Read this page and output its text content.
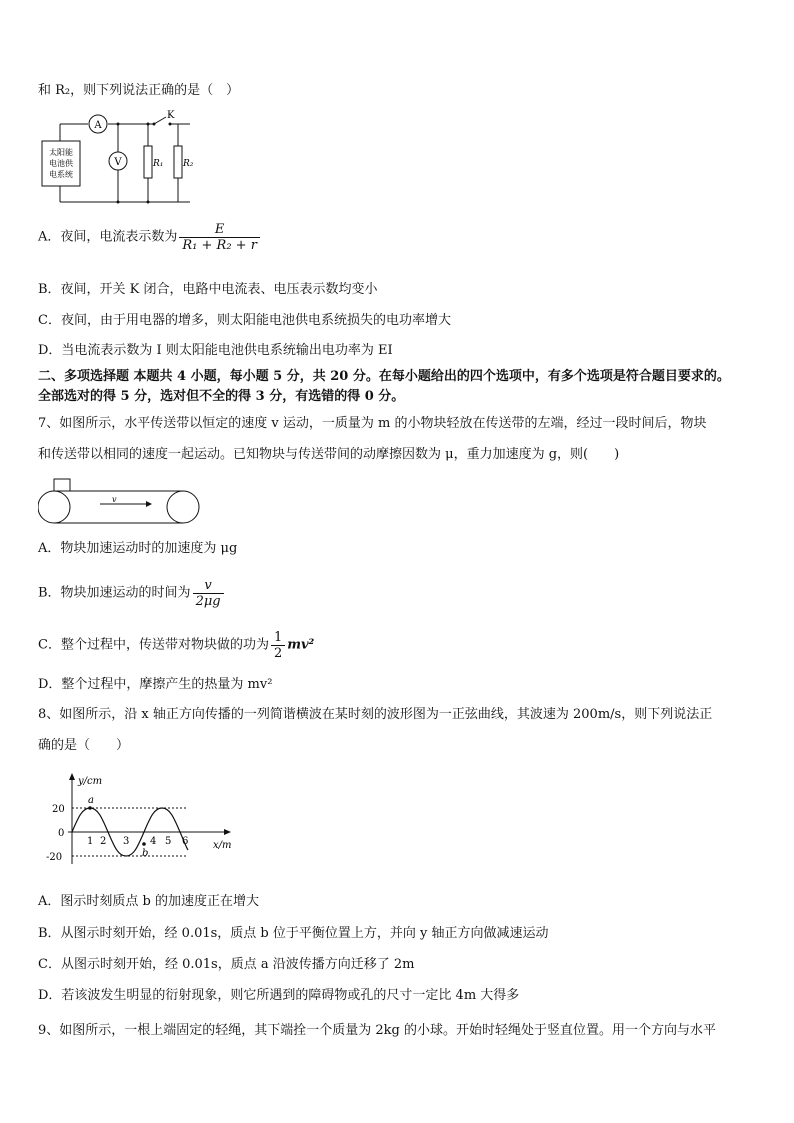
和 R₂，则下列说法正确的是（　）
太阳能
电池供
电系统
A
V
K
R₁ R₂
A．夜间，电流表示数为 $\frac{E}{\text{R₁ + R₂ + r}}$
B．夜间，开关 K 闭合，电路中电流表、电压表示数均变小
C．夜间，由于用电器的增多，则太阳能电池供电系统损失的电功率增大
D．当电流表示数为 I 则太阳能电池供电系统输出电功率为 EI
二、多项选择题 本题共 4 小题，每小题 5 分，共 20 分。在每小题给出的四个选项中，有多个选项是符合题目要求的。
全部选对的得 5 分，选对但不全的得 3 分，有选错的得 0 分。
7、如图所示，水平传送带以恒定的速度 v 运动，一质量为 m 的小物块轻放在传送带的左端，经过一段时间后，物块
和传送带以相同的速度一起运动。已知物块与传送带间的动摩擦因数为 μ，重力加速度为 g，则(　　)
v
A．物块加速运动时的加速度为 μg
B．物块加速运动的时间为 $\frac{v}{2\mu g}$
C．整个过程中，传送带对物块做的功为 $\frac{1}{2} mv^2$
D．整个过程中，摩擦产生的热量为 mv²
8、如图所示，沿 x 轴正方向传播的一列简谐横波在某时刻的波形图为一正弦曲线，其波速为 200m/s，则下列说法正
确的是（　　）
y/cm
x/m
20
0
-20
1 2 3 4 5 6
a
b
A．图示时刻质点 b 的加速度正在增大
B．从图示时刻开始，经 0.01s，质点 b 位于平衡位置上方，并向 y 轴正方向做减速运动
C．从图示时刻开始，经 0.01s，质点 a 沿波传播方向迁移了 2m
D．若该波发生明显的衍射现象，则它所遇到的障碍物或孔的尺寸一定比 4m 大得多
9、如图所示，一根上端固定的轻绳，其下端拴一个质量为 2kg 的小球。开始时轻绳处于竖直位置。用一个方向与水平
